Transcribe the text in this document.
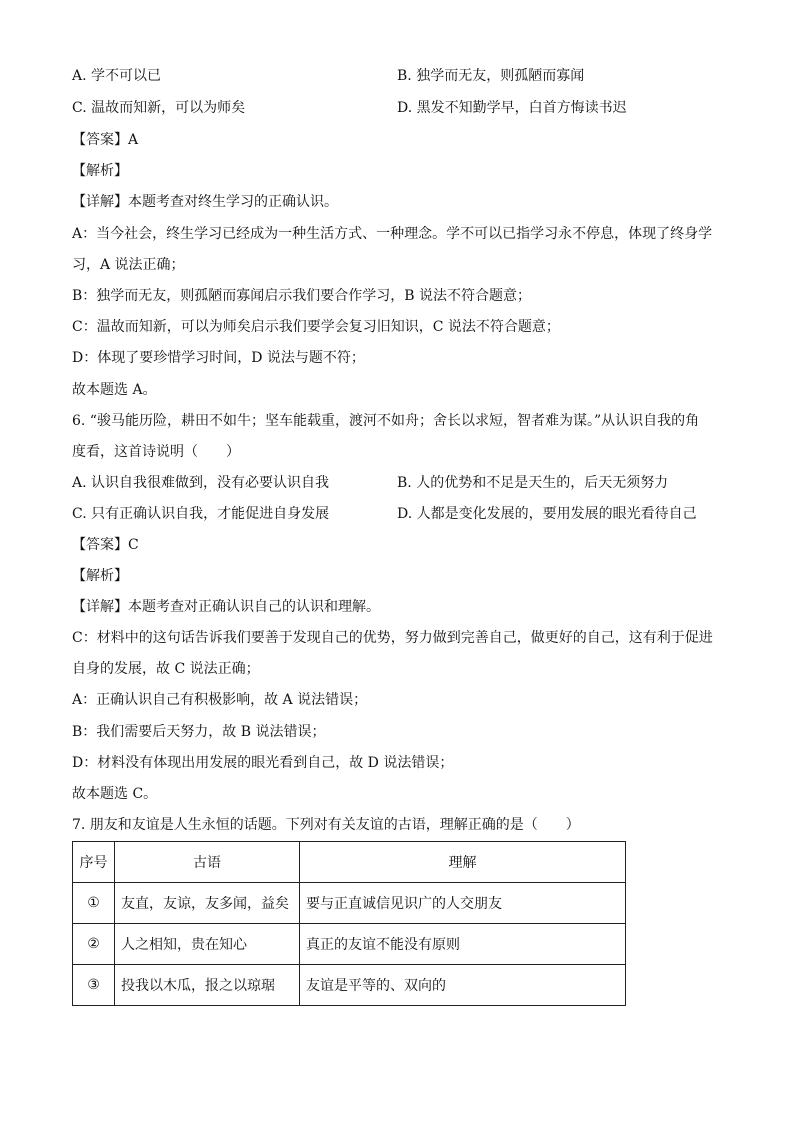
A. 学不可以已	B. 独学而无友，则孤陋而寡闻
C. 温故而知新，可以为师矣	D. 黑发不知勤学早，白首方悔读书迟
【答案】A
【解析】
【详解】本题考查对终生学习的正确认识。
A：当今社会，终生学习已经成为一种生活方式、一种理念。学不可以已指学习永不停息，体现了终身学
习，A 说法正确；
B：独学而无友，则孤陋而寡闻启示我们要合作学习，B 说法不符合题意；
C：温故而知新，可以为师矣启示我们要学会复习旧知识，C 说法不符合题意；
D：体现了要珍惜学习时间，D 说法与题不符；
故本题选 A。
6. “骏马能历险，耕田不如牛；坚车能载重，渡河不如舟；舍长以求短，智者难为谋。”从认识自我的角
度看，这首诗说明（　　）
A. 认识自我很难做到，没有必要认识自我	B. 人的优势和不足是天生的，后天无须努力
C. 只有正确认识自我，才能促进自身发展	D. 人都是变化发展的，要用发展的眼光看待自己
【答案】C
【解析】
【详解】本题考查对正确认识自己的认识和理解。
C：材料中的这句话告诉我们要善于发现自己的优势，努力做到完善自己，做更好的自己，这有利于促进
自身的发展，故 C 说法正确；
A：正确认识自己有积极影响，故 A 说法错误；
B：我们需要后天努力，故 B 说法错误；
D：材料没有体现出用发展的眼光看到自己，故 D 说法错误；
故本题选 C。
7. 朋友和友谊是人生永恒的话题。下列对有关友谊的古语，理解正确的是（　　）
序号	古语	理解
①	友直，友谅，友多闻，益矣	要与正直诚信见识广的人交朋友
②	人之相知，贵在知心	真正的友谊不能没有原则
③	投我以木瓜，报之以琼琚	友谊是平等的、双向的
